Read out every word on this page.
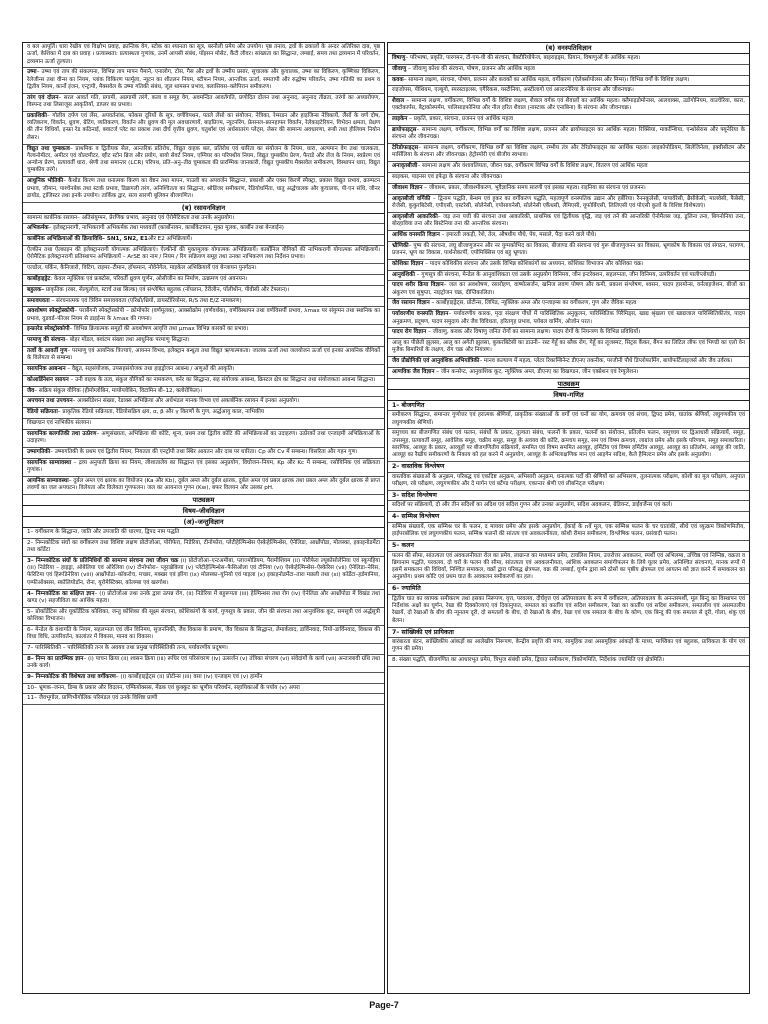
व बल आपूर्ति। धारा रेखीय एवं विक्षोभ प्रवाह, क्रान्तिक वेग, स्टोक का श्यानता का सूत्र, बरनौली प्रमेय और उपयोग। पृष्ठ तनाव, द्रवों के ढकालों के अन्दर अतिरिक्त दाब, पृष्ठ ऊर्जा, केशिका में दाब का प्रवाह । प्रत्यास्थता: प्रत्यास्थता गुणांक, उनमें आपसी संबंध, पॉइसन मोसेट, कैंटी लीवर। सांख्यता का सिद्धान्त, लम्बाई, समय तथा द्रव्यमान में परिवर्तन, द्रव्यमान ऊर्जा तुल्यता।
उष्मा– उष्मा एवं ताप की संकल्पना, विभिन्न ताप मापन पैमाने, एनालोग, टोस, गैस और द्रवों के उष्मीय प्रसार, सुचालक और कुचालक, उष्मा का विकिरण, कृष्णिका विकिरण, रेलेजीन्स तथा वीन्स का नियम, प्लांक विकिरण फार्मूला, न्यूटन का शीतलन नियम, स्टीफन नियम, आन्तरिक ऊर्जा, समतापी और रुद्धोष्म परिवर्तन, उष्मा गतिकी का प्रथम व द्वितीय नियम, कार्नो इंजन, एन्ट्रापी, मैक्सवेल के उष्मा गतिकी संबंध, जूल थामसन प्रभाव, क्लासियस–क्लेपिरान समीकरण।
तरंग एवं दोलन– सरल आवर्त गति, प्रगामी, अप्रगामी तरंगे, कला व समूह वेग, अवमन्दित आवर्तगति, प्रणोदित दोलन तथा अनुनाद, अनुनाद तीव्रता, तरंगो का अध्यारोपण, विस्पन्द तथा लिसाजूस आकृतियाँ, डाप्लर का प्रभाव।
प्रकाशिकी– गोलीय दर्पण एवं लेंस, अपवर्तनांक, फोकस दूरियों के सूत्र, वर्णविपथन, पतले लेंसो का संयोजन, नेत्रिका, रेम्सडन और हाइजिन्स नेत्रिकायें, लैंसों के वर्ण दोष, व्यतिकरण, विवर्तन, ध्रुवण, ग्रेटिंग, व्यतिकरण, विवर्तन और ध्रुवण की मूल अवधारणायें, बाइप्रिज्म, न्यूटनरिंग, फ्रेसनल–फ्रानहाफर विवर्तन, रेलेकाइटेरियन, विभेदन क्षमता, प्रेक्षण की तीन विधियाँ, इन्फ्रा रेड कठिनाई, क्वाटर्ज प्लेट का प्रकाश तथा दीर्घ वृत्तीय ध्रुवण, चतुर्थांश एवं अर्धसातरंग प्लेट्स, लेसर की सामान्य अवधारणा, रूबी तथा हीलियम नियोन लेसर।
विद्युत तथा चुम्बकत्व– प्राथमिक व द्वितीयक सेल, आन्तरिक प्रतिरोध, विद्युत वाहक बल, प्रतिरोध एवं धारिता का संयोजन के नियम, धारा, अल्पमान वेग तथा चालकता, गैल्वनोमीटर, अमीटर एवं वोल्टमीटर, व्हीट स्टोन ब्रिज और प्रयोग, बायो सेवर्ट नियम, एम्पियर का परिपथीय नियम, विद्युत चुम्बकीय प्रेरण, फैराडे और लेंज के नियम, स्वप्रेरण एवं अन्योन्य प्रेरण, प्रत्यावर्ती धारा, श्रेणी तथा समान्तर (LCR) परिपथ, प्रति–अनु–तीव्र चुम्बकत्व की प्रारम्भिक जानकारी, विद्युत चुम्बकीय मैक्सवेल समीकरण, विस्थापन धारा, विद्युत चुम्बकीय तरंगे।
आधुनिक भौतिकी– कैथोड किरण तथा धनात्मक किरण का वेष्टन तथा मापन, पाउली का अपवर्जन सिद्धान्त, प्रकाशी और एक्स किरणें स्पैक्ट्रा, प्रकाश विद्युत प्रभाव, क्राम्पटन प्रभाव, जीमान, पाश्चेनबेक तथा स्टार्क प्रभाव, डिब्रागली तरंग, अनिश्चितता का सिद्धान्त, श्रोडिंजर समीकरण, रेडियोधर्मिता, धातु अर्द्धचालक और कुचालक, पी-एन संधि, जीनर डायोड, ट्रांजिस्टर तथा इनके उपयोग। तार्किक द्वार, सत्य सारणी बूलियन बीजगणित।
(ब) रसायनविज्ञान
सामान्य कार्बनिक रसायन– अतिसंयुग्मन, प्रेरणिक प्रभाव, अनुनाद एवं ऐरोमैटिकता तथा उनके अनुप्रयोग।
अभिकर्मक– इलेक्ट्रानरागी, नाभिकरागी अभिकर्मक तथा मध्यवर्ती (कार्बोनायन, कार्बोकेटायन, मुक्त मूलक, कार्बीन तथा बेन्जाईन)
कार्बनिक अभिक्रियाओं की क्रियाविधि– SN1, SN2, E1और E2 अभिक्रियायें।
ऐल्कीन तथा ऐल्काइन की इलेक्ट्रानरागी योगात्मक अभिक्रियाएं। ऐल्कीनों की मुक्तमूलक योगात्मक अभिक्रियायें। कार्बोनिल यौगिकों की नाभिकरागी योगात्मक अभिक्रियायें। ऐरोमैटिक इलेक्ट्रानरागी प्रतिस्थापन अभिक्रियायें – ArSE का नाम / नियम / रिंग सक्रियण समूह तथा उनका नाभिकरण तथा निर्देशन प्रभाव।
एल्डोल, पर्किन, कैनिजारो, विटिग, राइमर–टीमान, हॉफमान, नोवेनेगेल, माइकेल अभिक्रियायें एवं बेन्जायन पुनर्गठन।
कार्बोहाइड्रेट: केवल न्यूक्लिक एवं फ्रक्टोस, परिवर्ती ध्रुवण घूर्णन, ओसीजीन का निर्माण, उत्क्रमण एवं अवनयन।
बहुलक– प्राकृतिक (रबर, सेल्युलोज, स्टार्च तथा सिल्क) एवं संश्लेषित बहुलक (नॉयलान, टेरीलीन, पॉलीथीन, पीवीसी और टेफ्लान)।
समावयवता – संरचनात्मक एवं त्रिविम समावयवता (एरिथ्रो/थ्रियो, डायस्टीरियोमर, R/S तथा E/Z नामकरण)
अवशोषण स्पेक्ट्रोस्कोपी– पराबैंगनी स्पेक्ट्रोस्कोपी – क्रोमोफोर (वर्णमूलक), आक्सोक्रोम (वर्णवर्धक), वर्णविस्थापन तथा वर्णविसर्पी प्रभाव, λmax पर संयुग्मन तथा स्थानिक का प्रभाव, वुडवर्ड–फीजर नियम से डाइईन्स के λmax की गणना।
इन्फ्रारेड स्पेक्ट्रोस्कोपी– विभिन्न क्रियात्मक समूहों की अवशोषण आवृत्ति तथा μmax विभिन्न कारकों का प्रभाव।
परमाणु की संरचना– बोहर मॉडल, क्वांटम संख्या तथा आधुनिक परमाणु सिद्धान्त।
तत्वों के आवर्ती गुण– परमाणु एवं आयनिक त्रिज्याएं, आयनन विभव, इलेक्ट्रान बन्धुता तथा विद्युत ऋणात्मकता। जालक ऊर्जा तथा जलयोजन ऊर्जा एवं इनका आयनिक यौगिकों के विलेयता से सम्बन्ध।
रसायनिक आबन्धन – वैद्युत, सहसंयोजक, उपसहसंयोजक तथा हाइड्रोजन आबन्ध / अणुओं की आकृति।
कोआर्डिनेशन रसायन – उनी वाहक के तत्व, संकुल यौगिकों का नामकरण, वर्नर का सिद्धान्त, सह संयोजक आबन्ध, क्रिस्टल क्षेत्र का सिद्धान्त तथा संयोजकता आबन्ध सिद्धान्त।
जैव– सक्रिय संकुल यौगिक (हीमोग्लोबिन, मायोग्लोबिन, विटामिन बी–12, क्लोरोफिल)।
अपचयन तथा उपचयन– आक्सीडेशन संख्या, रेडाक्स अभिक्रिया और अर्धभंडल मानक विभव एवं अकार्बनिक रसायन में इनका अनुप्रयोग।
रेडियो सक्रियता– प्राकृतिक रेडियो सक्रियता, रेडियोसक्रिय क्षय, α, β और γ किरणों के गुण, अर्द्धआयु काल, नाभिकीय
विखण्डन एवं नाभिकीय संलयन।
रसायनिक बलगतिकी तथा उत्प्रेरण– अणुसंख्यता, अभिक्रिया की कोटि, शून्य, प्रथम तथा द्वितीय कोटि की अभिक्रियाओं का उदाहरण। उत्प्रेरकों तथा एन्जाइमी अभिक्रियाओं के उदाहरण।
उष्मागतिकी– उष्मागतिकी के प्रथम एवं द्वितीय नियम, नियतता की एनट्रॉपी तथा स्थिर आयतन और दाब पर धारिता। Cp और Cv में सम्बन्ध। विसरिता और गहन गुण।
रसायनिक साम्यावस्था – द्रव्य अनुपाती क्रिया का नियम, लीशातालेय का सिद्धान्त एवं इसका अनुप्रयोग, विघोजन–नियम, Kp और Kc में सम्बन्ध, रसोयिनिक एवं सक्रियता गुणांक।
आयनिक साम्यावस्था– दुर्बल अम्ल एवं क्षारक का वियोजन (Ka और Kb), दुर्बल अम्ल और दुर्बल क्षारक, दुर्बल अम्ल एवं प्रबल क्षारक तथा प्रबल अम्ल और दुर्बल क्षारक से प्राप्त लवणों का जल अपघटन। विलेयता और विलेयता गुणफलन। जल का आयनाज गुणन (Kw), बफर विलयन और उसका pH.
पाठ्यक्रम
विषय–जीवविज्ञान
(अ)–जन्तुविज्ञान
1– वर्गीकरण के सिद्धान्त, जाति और उपजाति की धारणा, द्विपद नाम पद्धति
2– निम्नकोटिक संघों का वर्गीकरण तथा विशिष्ट लक्षण प्रोटोजोआ, पोरीफेरा, निडेरिया, टीनोफोरा, प्लेटीहेल्मिन्थेस ऐस्केहेल्मिन्थेस, ऐनेलिडा, आर्थ्रोपोडा, मोलस्का, इकाइनोडर्मेटा तथा कॉर्डेटा
3– निम्नकोटिक संघों के प्रतिनिधियों की सामान्य संरचना तथा जीवन चक्र (i) प्रोटोजोआ–एन्टअमीबा, प्लाज्मोडियम, पैरामीशियम (ii) पोरीफेरा ल्यूकोसोलेनिया एवं स्कूपहिया (iii) निडेरिया – हाइड्रा, ओबेलिया एवं ओरेलिया (iv) टीनोफोरा– प्लूराब्रेकिया (v) प्लेटीहेल्मिन्थेस–फैसिओला एवं टीनिया (vi) ऐस्केहेल्मिन्थेस–ऐस्केरिस (vii) ऐनेलिडा–नेरिस, फेरिटिमा एवं हिरूडिनेरिया (viii) आर्थ्रोपोडा–कॉकरोच, मच्छर, मक्खर एवं झींगा (ix) मोलस्का–यूनियो एवं पाइला (x) इकाइनोडर्मेटा–तारा मछली तथा (xi) कॉर्डेटा–हर्डमानिया, एम्फीऑक्सस, स्कोलियोडॉन, रोना, यूरोमेस्टिक्स, कोलम्बा एवं खरगोश।
4– निम्नकोटिक का संक्षिप्त ज्ञान– (i) प्रोटोजोआ तथा उनके द्वारा उत्पन्न रोग, (ii) निडेरिया में बहुरूपता (iii) हेल्मिन्थस तथा रोग (iv) ऐनेलिडा और आर्थ्रोपोडा में विखंड तथा खण्ड (v) सहजीविता का आर्थिक महत्व।
5– प्रोकॉर्डेटिस और यूकॉर्डेटिक कोशिका, जन्तु कोशिका की सूक्ष्म संरचना, कोशिकांगों के कार्य, गुणसूत्र के प्रकार, जीन की संरचना तथा आनुवंशिक कूट, समसूत्री एवं अर्द्धसूत्री कोशिका विभाजन।
6– मेन्डेल के वंशागति के नियम, सहलग्नता एवं जीन विनिमय, सुजननिकी, जैव विकास के प्रमाण, जैव विकास के सिद्धान्त, लेमार्कवाद, डार्विनवाद, नियो–डार्विनवाद, विकास की विधा विधि, उत्परिवर्तन, कालांतर में विकास, मानव का विकास।
7– पारिस्थितिकी – पारिस्थितिकी तन्त्र के अवयव तथा प्रमुख पारिस्थितिकी तन्त्र, पर्यावरणीय प्रदूषण।
8– निम्न का प्रारम्भिक ज्ञान– (i) पाचन क्रिया (ii) श्वसन क्रिया (iii) रूधिर एवं परिसंचरण (iv) उत्सर्जन (v) तंत्रिका संचरण (vi) संवेदांगों के कार्य (vii) अन्तःस्त्रावी ग्रंथि तथा उनके कार्य।
9– निम्नकोटिक की विशेषता तथा वर्गीकरण– (i) कार्बोहाइड्रेट्स (ii) प्रोटीन्स (iii) वसा (iv) एन्जाइम एवं (v) हार्मोन
10– भ्रूणक–जनन, डिम्ब के प्रकार और विदलन, एम्फियोक्सस, मेंढक एवं कुक्कुट का भ्रूणीय परिवर्धन, सहायिकाओं के पर्याय (v) अपरा
11– जैवभूगोल, प्राणिभौगोलिक परिमंडल एवं उनके विशिष्ट प्राणी
(ब) वनस्पतिविज्ञान
विषाणु– परिभाषा, प्रकृति, पारगमन, टी-एम-वी की संरचना, बैक्टीरियोफेज, बाइराइड्स, प्रियान, विषाणुओं के आर्थिक महत्व।
जीवाणु – जीवाणु कोशा की संरचना, पोषण, प्रजनन और आर्थिक महत्व
कवक– सामान्य लक्षण, संरचना, पोषण, प्रजनन और कवकों का आर्थिक महत्व, वर्गीकरण (ऐलेक्सोपोलस और मिम्स)। विभिन्न वर्गों के विशिष्ट लक्षण।
राइजोपस, पीथियम, एल्बूगो, स्परस्टाइलस, एगैरिकस, यस्टीनिया, अस्टीलागो एवं आल्टरनेरिया के संरचना और जीवनचक्र।
शैवाल – सामान्य लक्षण, वर्गीकरण, विभिन्न वर्गों के विशिष्ट लक्षण, शैवाल वर्गक एवं शैवालों का आर्थिक महत्व। क्लैमाइडोमोनास, आलवाक्स, उडोगोनियम, वाउचेरिया, कारा, एक्टोकार्पस, बैट्राकोस्पर्मम, पालिसाइफोनिया और नील हरित शैवाल (नास्टाक और एनाबिना) के संरचना और जीवनचक्र।
लाइकेन – प्रकृति, प्रकार, संरचना, प्रजनन एवं आर्थिक महत्व
ब्रायोफाइट्स– सामान्य लक्षण, वर्गीकरण, विभिन्न वर्गों का विशिष्ट लक्षण, प्रजनन और ब्रायोफाइट्स का आर्थिक महत्व। रिक्सिया, मार्कान्शिया, एन्थोसेरास और फ्यूनेरिया के संरचना और जीवनचक्र।
टेरिडोफाइट्स– सामान्य लक्षण, वर्गीकरण, विभिन्न वर्गों का विशिष्ट लक्षण, रम्भीय तंत्र और टेरिडोफाइट्स का आर्थिक महत्व। लाइकोपोडियम, सिलेजिनेला, इक्वीसीटम और मार्सिलिया के संरचना और जीवनचक्र। हेट्रोस्पोरी एवं बीजीय स्वभाव।
अनावृतबीजी– सामान्य लक्षण और वंशावलियता, जीवन चक्र, वर्गीकरण विभिन्न वर्गों के विशिष्ट लक्षण, वितरण एवं आर्थिक महत्व
साइकस, पाइनस एवं इफेड्रा के संरचना और जीवनचक्र।
जीवाश्म विज्ञान – जीवाश्म, प्रकार, जीवाश्मीकरण, भूवैज्ञानिक समय सारणी एवं इसका महत्व। राइनिया का संरचना एवं प्रजनन।
आवृतबीजी वर्गिकी – द्विनाम पद्धति, बेन्थम एवं हूकर का वर्गीकरण पद्धति, महत्वपूर्ण वनस्पतिक उद्यान और हर्बेरिया। रैननकुलेसी, पापावेरेसी, ब्रैसीकेसी, मालवेसी, फैबेसी, रोजेसी, कुकुरबिटेसी, एपीएसी, एस्टरेसी, सोलेनेसी, एपोसायनेसी, सोलेनेसी एकैंथसी, लैमिएसी, यूफोर्बिएसी, लिलिएसी एवं पोएसी कुलों के विशिष्ट विशेषताएं।
आवृतबीजी आकारिकी– जड़ तना पत्ती की संरचना तथा आकारिकी, प्राथमिक एवं द्वितीयक वृद्धि, जड़ एवं तने की आन्तरिकी ऐनोमैलस जड़, डूलिना तना, बिगनोनिया तना, बोरहाविया तना और बिस्टेनिया तना की आन्तरिक संरचना।
आर्थिक वनस्पति विज्ञान – इमारती लकड़ी, रेशे, तेल, औषधीय पौधे, पेय, मसाले, पैदा करने वाले पौधे।
भ्रौणिकी– पुष्प की संरचना, लघु बीजाणुजनन और नर युग्मकोभिद का विकास, बीजाण्ड की संरचना एवं गुरू बीजाणुजनन का विकास, भ्रूणकोष के विकास एवं संगठन, परागण, प्रजनन, भ्रूण का विकास, पार्थनोकार्पी, एपोमिक्सिस एवं बहु भ्रूणता।
कोशिका विज्ञान – पादप कोशिकीय संरचना और उसके विभिन्न कोशिकांगों का अध्ययन, कोशिका विभाजन और कोशिका चक्र।
आनुवंशिकी – गुणसूत्र की संरचना, मेन्डेल के आनुवांशिकता एवं उसके अनुप्रयोग विनिमय, जीन इन्टरेक्शन, सहलग्नता, जीन विनिमय, उत्परिवर्तन एवं पालीप्लोयडी।
पादप शरीर क्रिया विज्ञान– जल का अवशोषण, रसारोहण, वाष्पोत्सर्जन, खनिज लवण पोषण और कमी, प्रकाश संश्लेषण, श्वसन, पादप हारमोन्स, वर्नलाइजेशन, बीजों का अंकुरण एवं सुषुप्ता, नाइट्रोजन चक्र, दीप्तिकालिता।
जैव रसायन विज्ञान – कार्बोहाइड्रेट्स, प्रोटीन्स, लिपिड, न्यूक्लिक अम्ल और एन्जाइम्स का वर्गीकरण, गुण और जैविक महत्व
पर्यावरणीय वनस्पति विज्ञान– पर्यावरणीय कारक, मृदा संरक्षण पौधों में पारिस्थितिक अनुकूलन, पारिस्थितिक पिरैमिड्स, खाद्य श्रृंखला एवं खाद्यजाल पारिस्थितिकीतंत्र, पादप अनुक्रमण, प्रदूषण, पादप समुदाय और जैव विविधता, हरितगृह प्रभाव, ग्लोबल वार्मिंग, ओजोन परत।
पादप रोग विज्ञान – जीवाणु, कवक और विषाणु जनित रोगों का सामान्य लक्षण। पादप रोगों के नियन्त्रण के विभिन्न प्रविधियाँ।
आलू का पीछेती झुलसा, आलू का अगेती झुलसा, कुकरबिटेसी का डाउनी– रस्ट गेहूँ का ब्लैक रोग, गेहूँ का लूजस्मट, सिट्रस कैंकर, बैंगन का लिटिल लीफ एवं भिण्डी का एलो वेन मुजैक बिमारियों के लक्षण, रोग चक्र और नियंत्रण।
जैव प्रौद्योगिकी एवं आनुवंशिक अभियांत्रिकी– मानव कल्याण में महत्व, प्लेटर रिकाम्बिनेन्ट डीएनए तकनीक, परजीनी पौधे डिप्लोफार्मिग, बायोफर्टिलाइजर्स और जैव उर्वरक।
आणविक जैव विज्ञान – जीन कन्सेप्ट, आनुवांशिक कूट, न्यूक्लिक अम्ल, डीएनए का विखण्डन, जीन एक्प्रेशन एवं रेग्युलेशन।
पाठ्यक्रम
विषय–गणित
1– बीजगणित
समीकरण सिद्धान्त, समान्तर गुणोत्तर एवं हरात्मक श्रेणियाँ, प्राकृतिक संख्याओं के वर्गों एवं घनों का योग, क्रमचय एवं संचय, द्विपद प्रमेय, घातांक श्रेणियाँ, लघुगणकीय एवं लघुगणकीय श्रेणियाँ।
समुच्चय का बीजगणित संबंध एवं फलन, संबंधों के प्रकार, तुल्यता संबंध, फलनों के प्रकार, फलनों का संयोजन, प्रतिलोम फलन, समुच्चय पर द्विआधारी संक्रियायें, समूह, उपसमूह, प्रत्यावर्ती समूह, आवेलिक समूह, चक्रीय समूह, समूह के अवयव की कोटि, क्रमचय समूह, सम एवं विषम क्रमचय, लाग्रांज प्रमेय और इसके परिणाम, समूह समाकारिता। सारणिक, आव्यूह के प्रकार, आव्यूहों पर बीजगणितीय संक्रियायें, सममित एवं विषम सममित आव्यूह, हर्मिटीय एवं विषम हर्मिटीय आव्यूह, आव्यूह का प्रतिलोम, आव्यूह की जाति, आव्यूह का रैखीय समीकरणों के निकाय को हल करने में अनुप्रयोग, आव्यूह के अभिलाक्षणिक मान एवं आइगेन सदिश, कैले हैमिल्टन प्रमेय और इसके अनुप्रयोग।
2– वास्तविक विश्लेषण
वास्तविक संख्याओं के अनुक्रम, परिबद्ध एवं एकदिष्ट अनुक्रम, अभिसारी अनुक्रम, धनात्मक पदों की श्रेणियों का अभिसरण, तुलनात्मक परीक्षण, कोशी का मूल परीक्षण, अनुपात परीक्षण, रबे परीक्षण, लघुगणकीय और दे मार्गन एवं बर्टेण्ड परीक्षण, एकान्तर श्रेणी एवं लीबनिट्ज परीक्षण।
3– सदिश विश्लेषण
सदिशों पर संक्रियायें, दो और तीन सदिशों का अदिश एवं सदिश गुणन और उनका अनुप्रयोग, सदिश अवकलन, ग्रेडियन्ट, डाईवर्जेन्स एवं कर्ल।
4– सम्मिश्र विश्लेषण
सम्मिश्र संख्यायें, एक सम्मिश्र चर के फलन, द मायवर प्रमेय और इसके अनुप्रयोग, ईकाई के nवें मूल, एक सम्मिश्र फलन के चर घातांकी, सीधे एवं व्युत्क्रम त्रिकोणमितीय, हाईपरबोलिक एवं लघुगणकीय फलन, सम्मिश्र फलनों की सांतत्य एवं अवकलनीयता, कोशी रीमान समीकरण, विश्लेषिक फलन, प्रसंवादी फलन।
5– कलन
फलन की सीमा, सांतत्यता एवं अवकलनीयता रोल का प्रमेय, लाग्रान्ज का मध्यमान प्रमेय, टायलिश नियम, उत्तरोत्तर अवकलन, स्पर्शी एवं अभिलम्ब, उच्चिष्ठ एवं निम्निष्ठ, वक्रता व ब्रिगानाम पद्धति, परवलय, दो चरों के फलन की सीमा, सांतत्यता एवं अवकलनीयता, आंशिक अवकलन समांगीफलन के लिये यूलर प्रमेय, अनिश्चित संरचनाएं, मानक रूपों में इसमें समकलन की विधियाँ, निश्चित समाकल, वक्रों द्वारा परिबद्ध क्षेत्रफल, वक्र की लम्बाई, घूर्णन द्वारा बने ठोसों का पृष्ठीय क्षेत्रफल एवं आयतन को ज्ञात करने में समाकलन का अनुप्रयोग। प्रथम कोटि एवं प्रथम घात के अवकलन समीकरणों का हल।
6– ज्यामिति
द्वितीय घात का व्यापक समीकरण तथा इसका निरूपण, वृत्त, परवलय, दीर्घवृत्त एवं अतिपरवलय के रूप में वर्गीकरण, अतिपरवलय के अनन्तस्पर्शी, मूल बिन्दु का विस्थापन एवं निर्देशांक अक्षों का घूर्णन, रेखा की दिक्कोज्याएं एवं दिकानुपात, समतल का कार्तीय एवं सदिश समीकरण, रेखा का कार्तीय एवं सदिश समीकरण, समतलीय एवं असमतलीय रेखायें, दो रेखाओं के बीच की न्यूनतम दूरी, दो समतलों के बीच, दो रेखाओं के बीच, रेखा एवं एक समतल के बीच के कोण, एक बिन्दु की एक समतल से दूरी, गोला, शंकु एवं बेलन।
7– सांख्यिकी एवं प्रायिकता
बारंबारता बंटन, सांख्यिकीय आंकड़ों का आलेखीय निरूपण, केन्द्रीय प्रवृत्ति की माप, सामूहिक तथा असामूहिक आंकड़ों के माध्य, माध्यिका एवं बहुलक, प्रायिकता के योग एवं गुणन की प्रमेय।
8. संख्या पद्धति, बीजगणित का आधारभूत प्रमेय, त्रिभुज संबंधी प्रमेय, द्विघात समीकरण, त्रिकोणमिति, निर्देशांक ज्यामिति एवं क्षेत्रमिति।
Page-7
